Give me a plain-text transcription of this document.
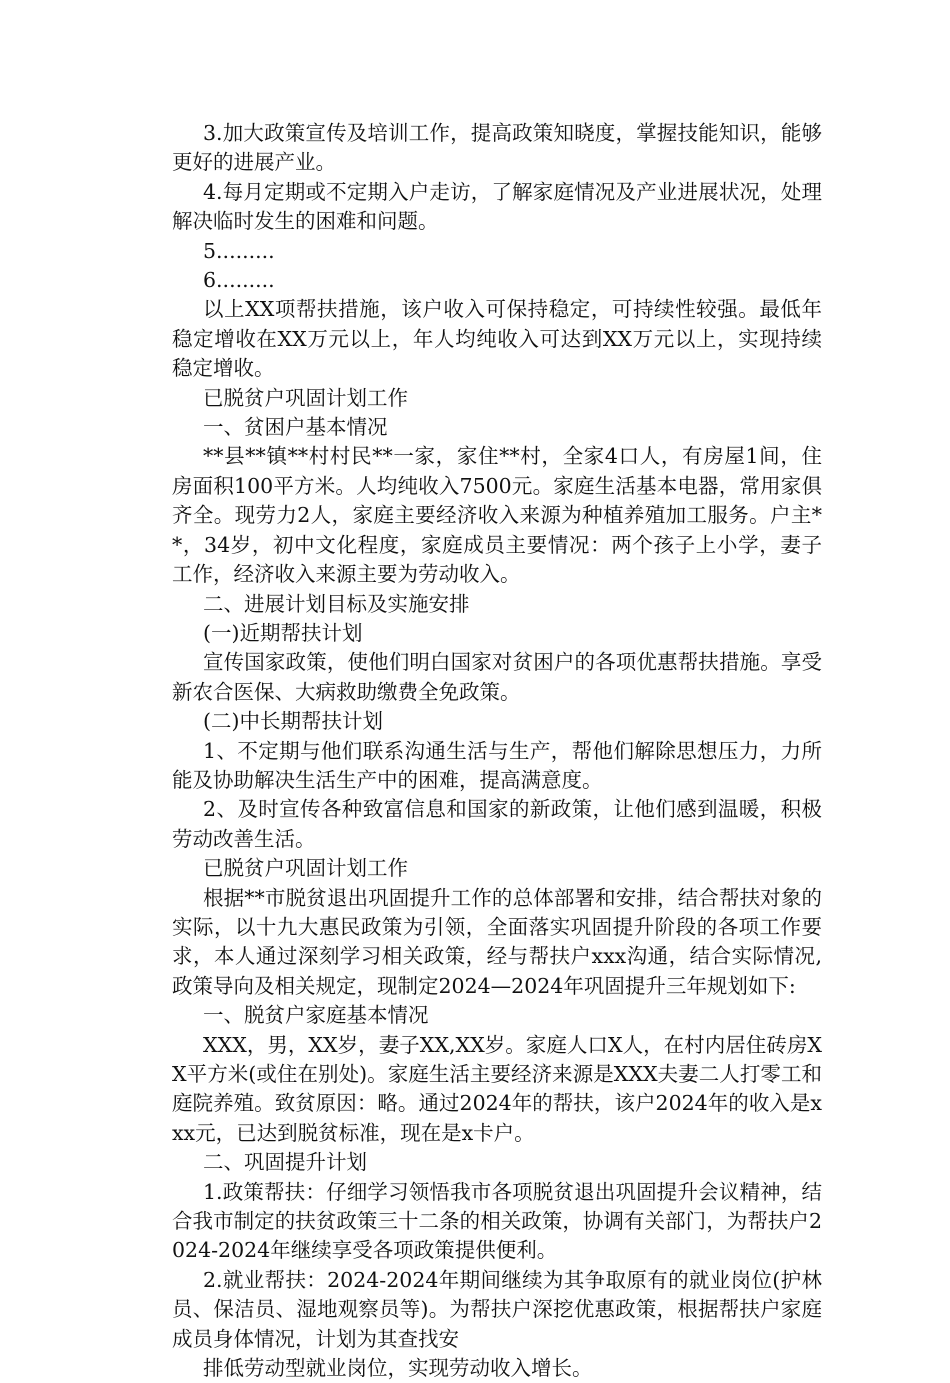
3.加大政策宣传及培训工作，提高政策知晓度，掌握技能知识，能够更好的进展产业。

4.每月定期或不定期入户走访，了解家庭情况及产业进展状况，处理解决临时发生的困难和问题。

5.........

6.........

以上XX项帮扶措施，该户收入可保持稳定，可持续性较强。最低年稳定增收在XX万元以上，年人均纯收入可达到XX万元以上，实现持续稳定增收。

已脱贫户巩固计划工作

一、贫困户基本情况

**县**镇**村村民**一家，家住**村，全家4口人，有房屋1间，住房面积100平方米。人均纯收入7500元。家庭生活基本电器，常用家俱齐全。现劳力2人，家庭主要经济收入来源为种植养殖加工服务。户主**，34岁，初中文化程度，家庭成员主要情况：两个孩子上小学，妻子工作，经济收入来源主要为劳动收入。

二、进展计划目标及实施安排

(一)近期帮扶计划

宣传国家政策，使他们明白国家对贫困户的各项优惠帮扶措施。享受新农合医保、大病救助缴费全免政策。

(二)中长期帮扶计划

1、不定期与他们联系沟通生活与生产，帮他们解除思想压力，力所能及协助解决生活生产中的困难，提高满意度。

2、及时宣传各种致富信息和国家的新政策，让他们感到温暖，积极劳动改善生活。

已脱贫户巩固计划工作

根据**市脱贫退出巩固提升工作的总体部署和安排，结合帮扶对象的实际，以十九大惠民政策为引领，全面落实巩固提升阶段的各项工作要求，本人通过深刻学习相关政策，经与帮扶户xxx沟通，结合实际情况,政策导向及相关规定，现制定2024—2024年巩固提升三年规划如下:

一、脱贫户家庭基本情况

XXX，男，XX岁，妻子XX,XX岁。家庭人口X人，在村内居住砖房XX平方米(或住在别处)。家庭生活主要经济来源是XXX夫妻二人打零工和庭院养殖。致贫原因：略。通过2024年的帮扶，该户2024年的收入是xxx元，已达到脱贫标准，现在是x卡户。

二、巩固提升计划

1.政策帮扶：仔细学习领悟我市各项脱贫退出巩固提升会议精神，结合我市制定的扶贫政策三十二条的相关政策，协调有关部门，为帮扶户2024-2024年继续享受各项政策提供便利。

2.就业帮扶：2024-2024年期间继续为其争取原有的就业岗位(护林员、保洁员、湿地观察员等)。为帮扶户深挖优惠政策，根据帮扶户家庭成员身体情况，计划为其查找安

排低劳动型就业岗位，实现劳动收入增长。
